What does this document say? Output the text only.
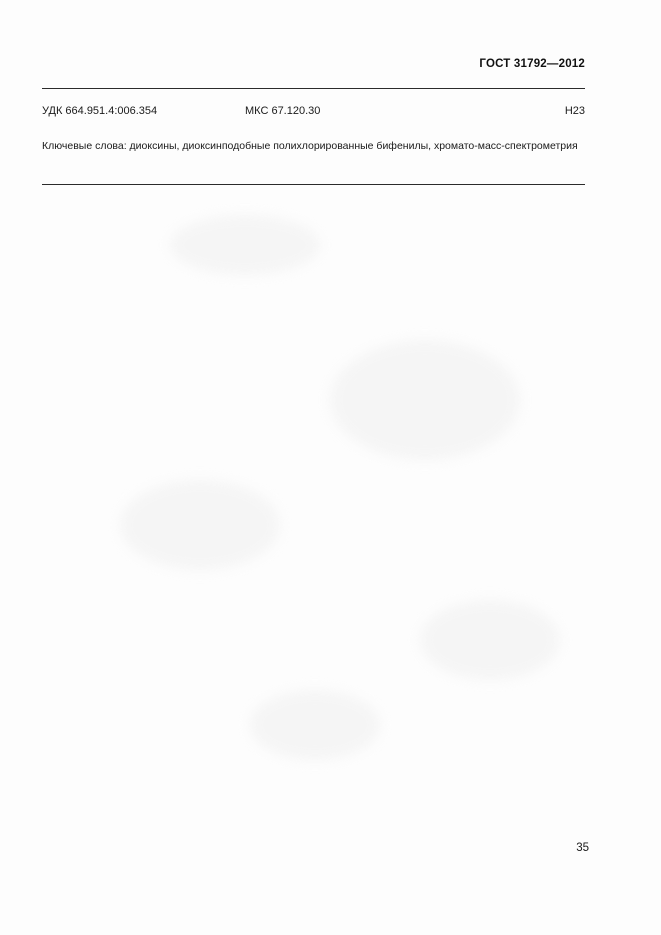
ГОСТ 31792—2012
УДК 664.951.4:006.354	МКС 67.120.30	Н23
Ключевые слова: диоксины, диоксинподобные полихлорированные бифенилы, хромато-масс-спектрометрия
35
